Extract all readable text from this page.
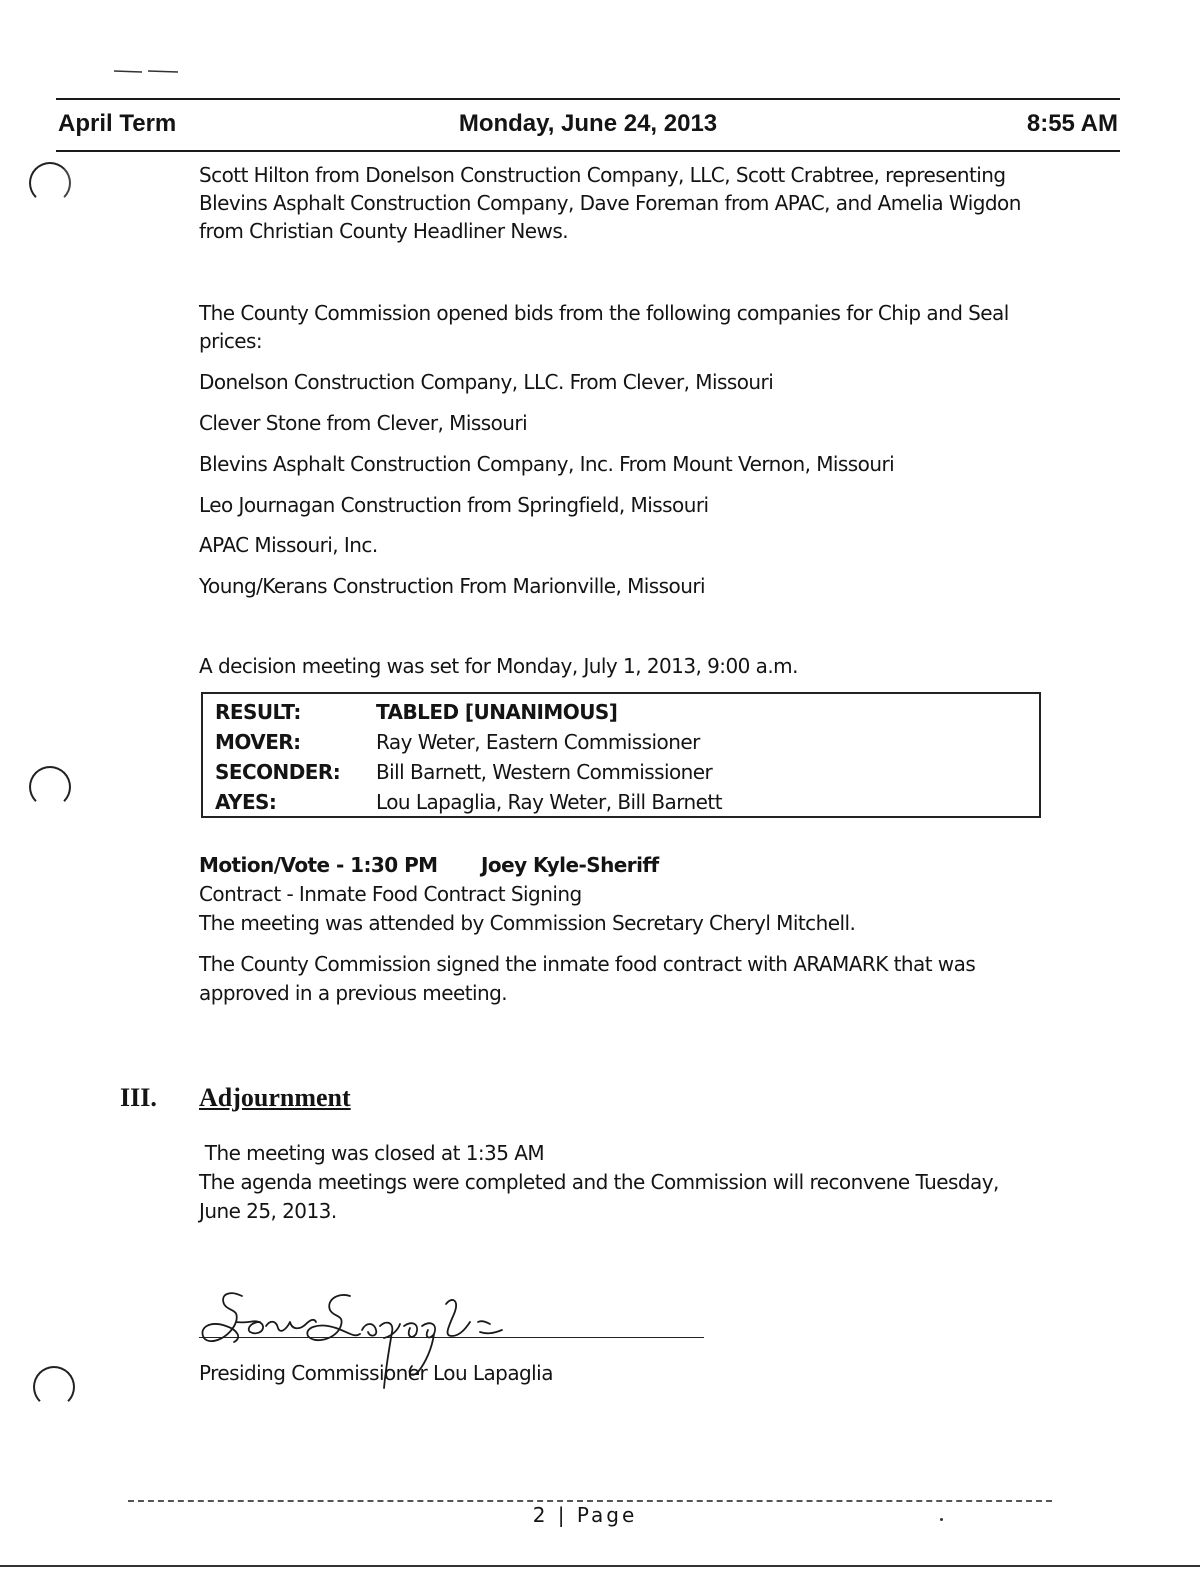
April Term	Monday, June 24, 2013	8:55 AM
Scott Hilton from Donelson Construction Company, LLC, Scott Crabtree, representing
Blevins Asphalt Construction Company, Dave Foreman from APAC, and Amelia Wigdon
from Christian County Headliner News.
The County Commission opened bids from the following companies for Chip and Seal
prices:
Donelson Construction Company, LLC. From Clever, Missouri
Clever Stone from Clever, Missouri
Blevins Asphalt Construction Company, Inc. From Mount Vernon, Missouri
Leo Journagan Construction from Springfield, Missouri
APAC Missouri, Inc.
Young/Kerans Construction From Marionville, Missouri
A decision meeting was set for Monday, July 1, 2013, 9:00 a.m.
RESULT:	TABLED [UNANIMOUS]
MOVER:	Ray Weter, Eastern Commissioner
SECONDER: Bill Barnett, Western Commissioner
AYES:	Lou Lapaglia, Ray Weter, Bill Barnett
Motion/Vote - 1:30 PM Joey Kyle-Sheriff
Contract - Inmate Food Contract Signing
The meeting was attended by Commission Secretary Cheryl Mitchell.
The County Commission signed the inmate food contract with ARAMARK that was
approved in a previous meeting.
III. Adjournment
The meeting was closed at 1:35 AM
The agenda meetings were completed and the Commission will reconvene Tuesday,
June 25, 2013.
Presiding Commissioner Lou Lapaglia
2 | Page
